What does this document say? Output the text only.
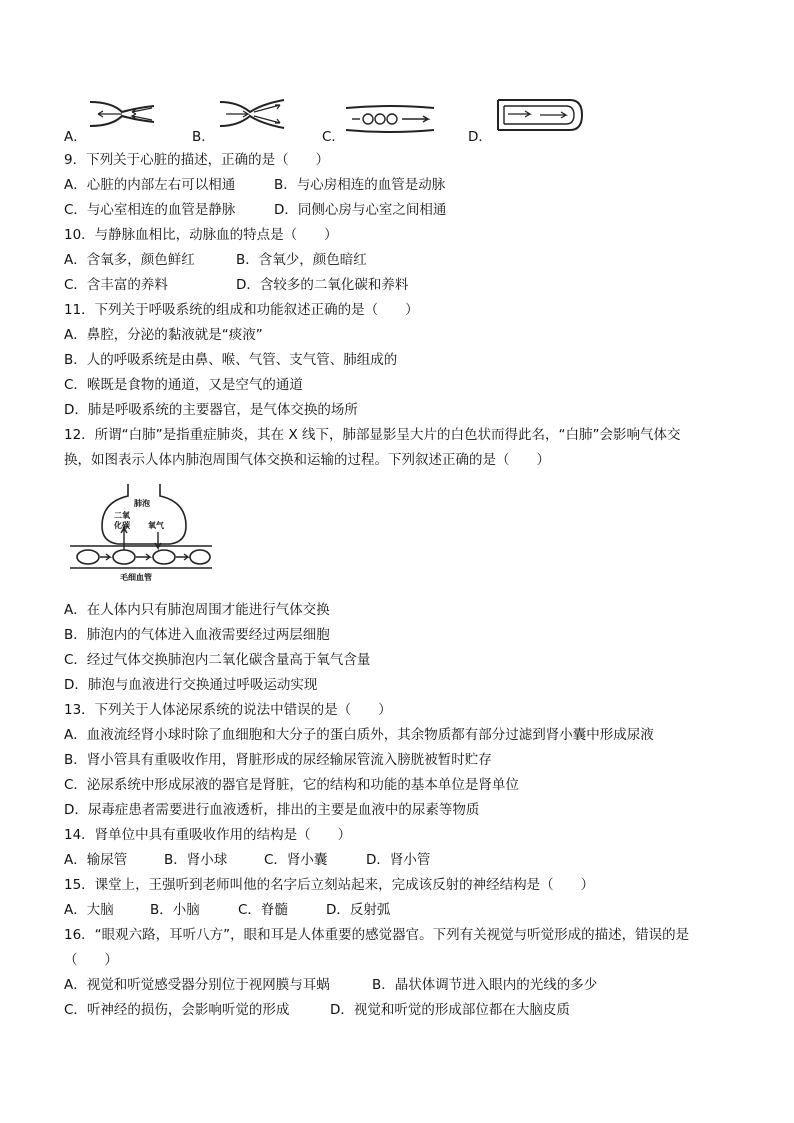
A．	B．	C．	D．
9．下列关于心脏的描述，正确的是（　　）
A．心脏的内部左右可以相通	B．与心房相连的血管是动脉
C．与心室相连的血管是静脉	D．同侧心房与心室之间相通
10．与静脉血相比，动脉血的特点是（　　）
A．含氧多，颜色鲜红	B．含氧少，颜色暗红
C．含丰富的养料	D．含较多的二氧化碳和养料
11．下列关于呼吸系统的组成和功能叙述正确的是（　　）
A．鼻腔，分泌的黏液就是“痰液”
B．人的呼吸系统是由鼻、喉、气管、支气管、肺组成的
C．喉既是食物的通道，又是空气的通道
D．肺是呼吸系统的主要器官，是气体交换的场所
12．所谓“白肺”是指重症肺炎，其在 X 线下，肺部显影呈大片的白色状而得此名，“白肺”会影响气体交
换，如图表示人体内肺泡周围气体交换和运输的过程。下列叙述正确的是（　　）
肺泡
二氧
化碳 氧气
毛细血管
A．在人体内只有肺泡周围才能进行气体交换
B．肺泡内的气体进入血液需要经过两层细胞
C．经过气体交换肺泡内二氧化碳含量高于氧气含量
D．肺泡与血液进行交换通过呼吸运动实现
13．下列关于人体泌尿系统的说法中错误的是（　　）
A．血液流经肾小球时除了血细胞和大分子的蛋白质外，其余物质都有部分过滤到肾小囊中形成尿液
B．肾小管具有重吸收作用，肾脏形成的尿经输尿管流入膀胱被暂时贮存
C．泌尿系统中形成尿液的器官是肾脏，它的结构和功能的基本单位是肾单位
D．尿毒症患者需要进行血液透析，排出的主要是血液中的尿素等物质
14．肾单位中具有重吸收作用的结构是（　　）
A．输尿管	B．肾小球	C．肾小囊	D．肾小管
15．课堂上，王强听到老师叫他的名字后立刻站起来，完成该反射的神经结构是（　　）
A．大脑	B．小脑	C．脊髓	D．反射弧
16．“眼观六路，耳听八方”，眼和耳是人体重要的感觉器官。下列有关视觉与听觉形成的描述，错误的是
（　　）
A．视觉和听觉感受器分别位于视网膜与耳蜗	B．晶状体调节进入眼内的光线的多少
C．听神经的损伤，会影响听觉的形成	D．视觉和听觉的形成部位都在大脑皮质
